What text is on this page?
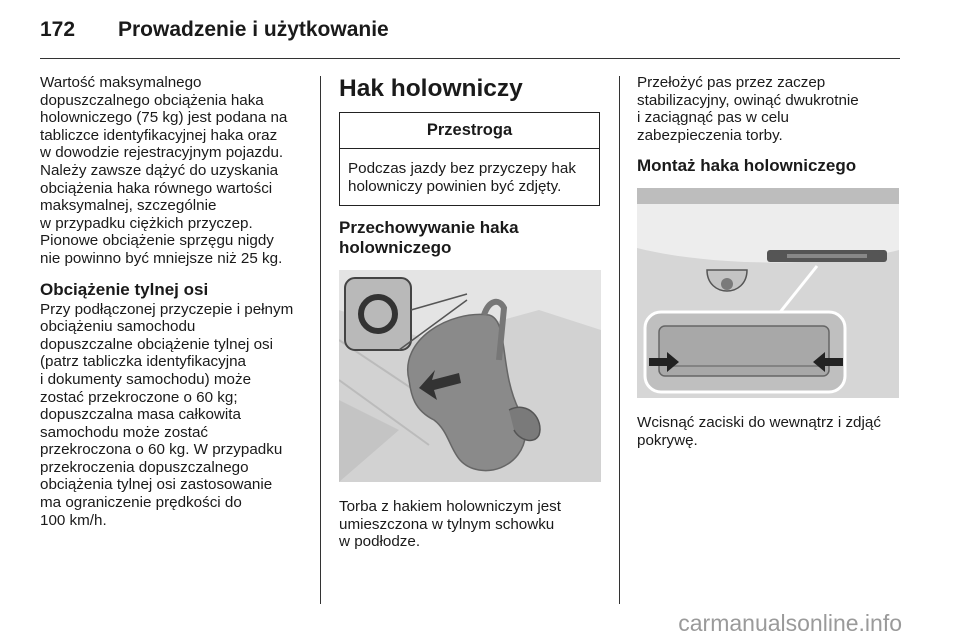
172	Prowadzenie i użytkowanie

Wartość maksymalnego
dopuszczalnego obciążenia haka
holowniczego (75 kg) jest podana na
tabliczce identyfikacyjnej haka oraz
w dowodzie rejestracyjnym pojazdu.
Należy zawsze dążyć do uzyskania
obciążenia haka równego wartości
maksymalnej, szczególnie
w przypadku ciężkich przyczep.
Pionowe obciążenie sprzęgu nigdy
nie powinno być mniejsze niż 25 kg.

Obciążenie tylnej osi

Przy podłączonej przyczepie i pełnym
obciążeniu samochodu
dopuszczalne obciążenie tylnej osi
(patrz tabliczka identyfikacyjna
i dokumenty samochodu) może
zostać przekroczone o 60 kg;
dopuszczalna masa całkowita
samochodu może zostać
przekroczona o 60 kg. W przypadku
przekroczenia dopuszczalnego
obciążenia tylnej osi zastosowanie
ma ograniczenie prędkości do
100 km/h.

Hak holowniczy
Przestroga

Podczas jazdy bez przyczepy hak
holowniczy powinien być zdjęty.

Przechowywanie haka
holowniczego

Torba z hakiem holowniczym jest
umieszczona w tylnym schowku
w podłodze.

Przełożyć pas przez zaczep
stabilizacyjny, owinąć dwukrotnie
i zaciągnąć pas w celu
zabezpieczenia torby.

Montaż haka holowniczego

Wcisnąć zaciski do wewnątrz i zdjąć
pokrywę.

carmanualsonline.info
